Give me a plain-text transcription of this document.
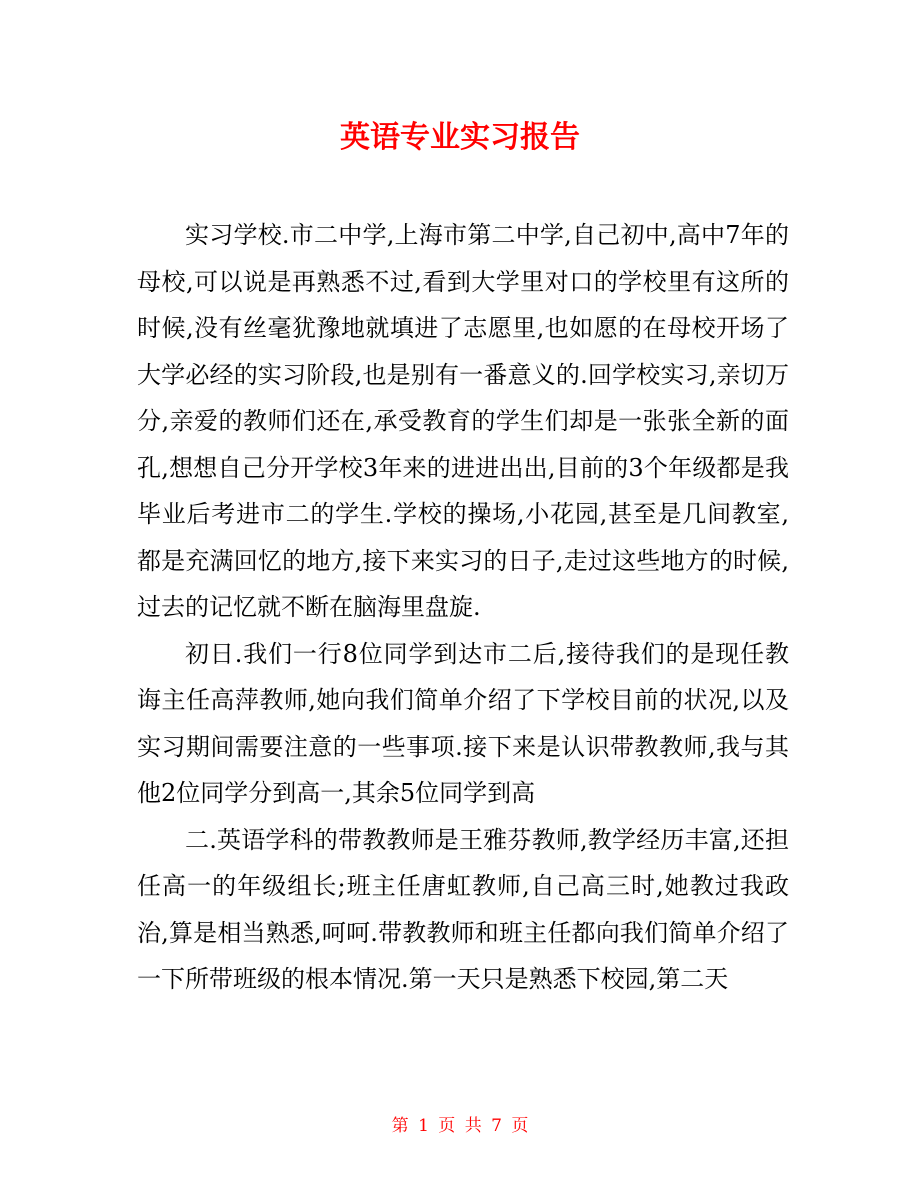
英语专业实习报告

实习学校.市二中学,上海市第二中学,自己初中,高中7年的母校,可以说是再熟悉不过,看到大学里对口的学校里有这所的时候,没有丝毫犹豫地就填进了志愿里,也如愿的在母校开场了大学必经的实习阶段,也是别有一番意义的.回学校实习,亲切万分,亲爱的教师们还在,承受教育的学生们却是一张张全新的面孔,想想自己分开学校3年来的进进出出,目前的3个年级都是我毕业后考进市二的学生.学校的操场,小花园,甚至是几间教室,都是充满回忆的地方,接下来实习的日子,走过这些地方的时候,过去的记忆就不断在脑海里盘旋.

初日.我们一行8位同学到达市二后,接待我们的是现任教诲主任高萍教师,她向我们简单介绍了下学校目前的状况,以及实习期间需要注意的一些事项.接下来是认识带教教师,我与其他2位同学分到高一,其余5位同学到高

二.英语学科的带教教师是王雅芬教师,教学经历丰富,还担任高一的年级组长;班主任唐虹教师,自己高三时,她教过我政治,算是相当熟悉,呵呵.带教教师和班主任都向我们简单介绍了一下所带班级的根本情况.第一天只是熟悉下校园,第二天

第 1 页 共 7 页
